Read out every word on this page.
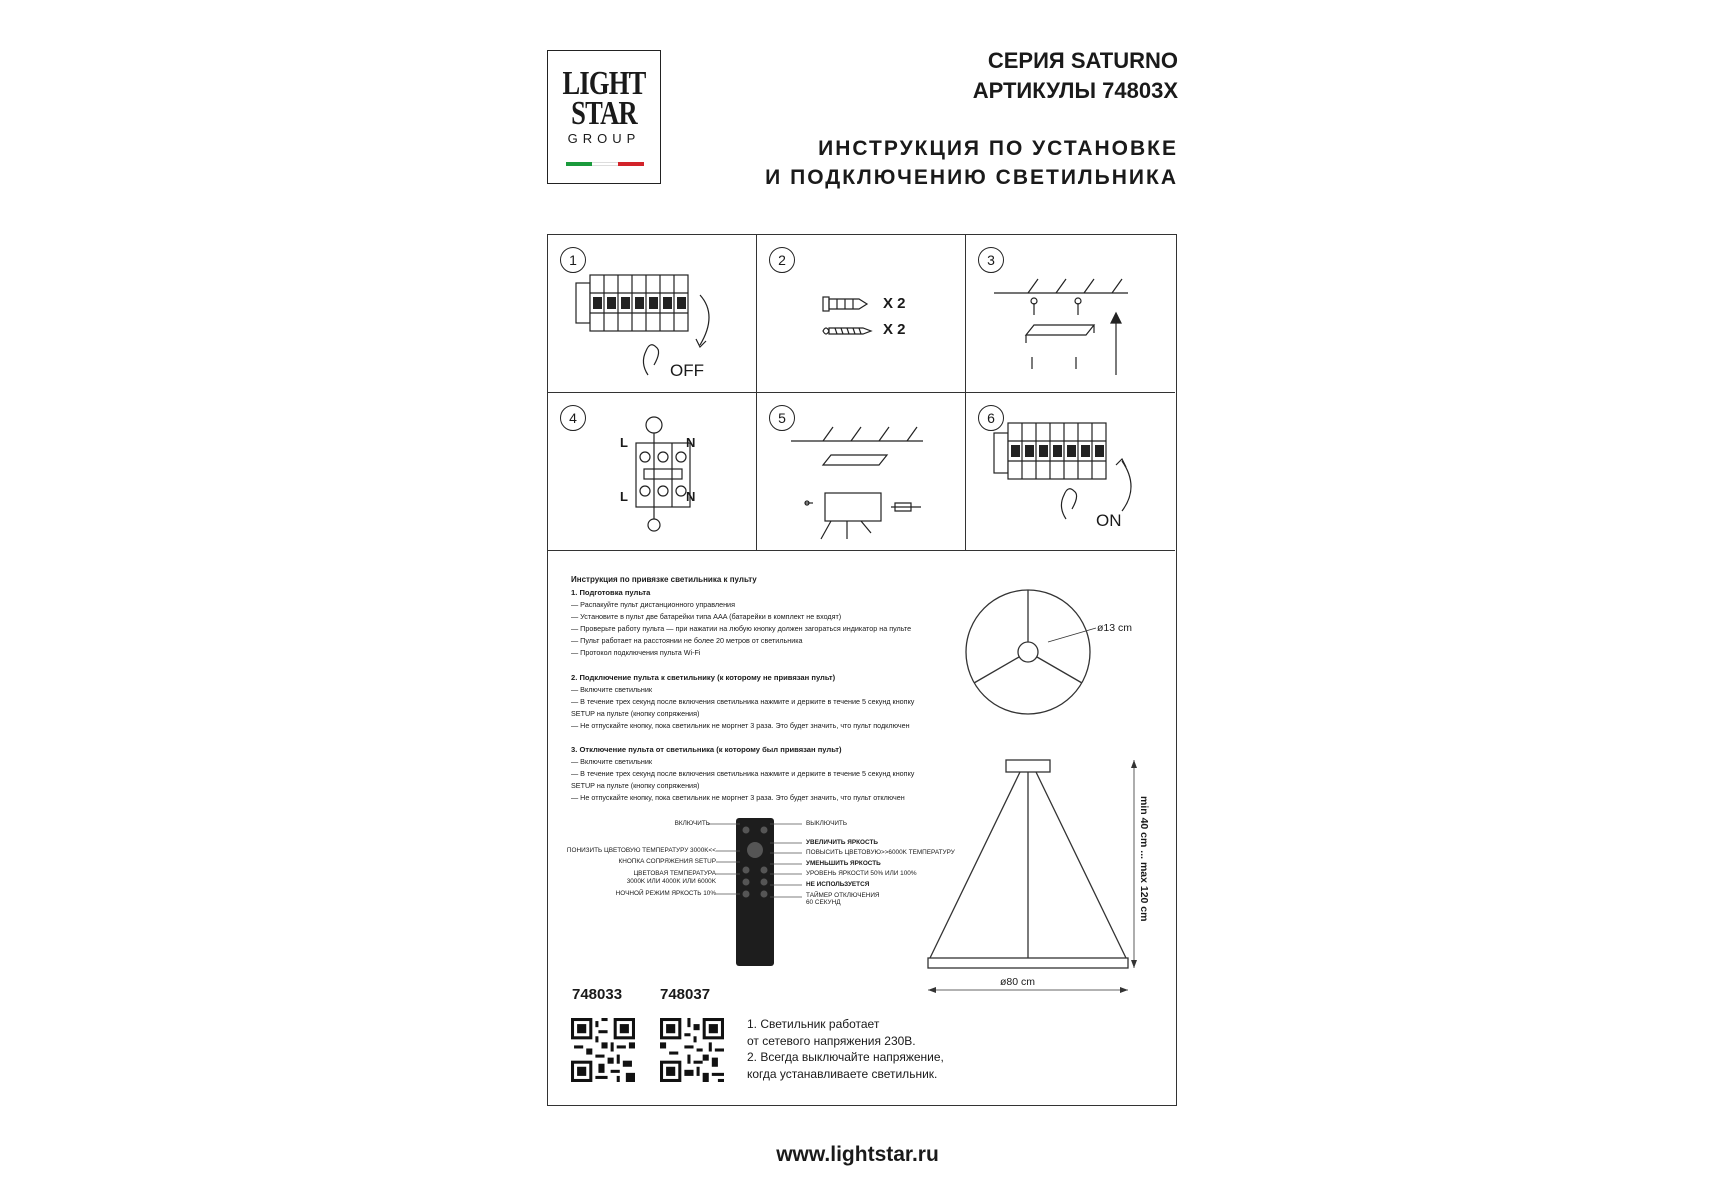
LIGHT
STAR
GROUP
СЕРИЯ SATURNO
АРТИКУЛЫ 74803X
ИНСТРУКЦИЯ ПО УСТАНОВКЕ
И ПОДКЛЮЧЕНИЮ СВЕТИЛЬНИКА
1
OFF
2
X 2
X 2
3
4
L	N
L	N
5	6
ON
Инструкция по привязке светильника к пульту
1. Подготовка пульта
— Распакуйте пульт дистанционного управления
— Установите в пульт две батарейки типа AAA (батарейки в комплект не входят)
— Проверьте работу пульта — при нажатии на любую кнопку должен загораться индикатор на пульте
— Пульт работает на расстоянии не более 20 метров от светильника
— Протокол подключения пульта Wi-Fi
2. Подключение пульта к светильнику (к которому не привязан пульт)
— Включите светильник
— В течение трех секунд после включения светильника нажмите и держите в течение 5 секунд кнопку
SETUP на пульте (кнопку сопряжения)
— Не отпускайте кнопку, пока светильник не моргнет 3 раза. Это будет значить, что пульт подключен
3. Отключение пульта от светильника (к которому был привязан пульт)
— Включите светильник
— В течение трех секунд после включения светильника нажмите и держите в течение 5 секунд кнопку
SETUP на пульте (кнопку сопряжения)
— Не отпускайте кнопку, пока светильник не моргнет 3 раза. Это будет значить, что пульт отключен
ВКЛЮЧИТЬ
ПОНИЗИТЬ ЦВЕТОВУЮ ТЕМПЕРАТУРУ 3000K<<
КНОПКА СОПРЯЖЕНИЯ SETUP
ЦВЕТОВАЯ ТЕМПЕРАТУРА
3000K ИЛИ 4000K ИЛИ 6000K
НОЧНОЙ РЕЖИМ ЯРКОСТЬ 10%
ВЫКЛЮЧИТЬ
УВЕЛИЧИТЬ ЯРКОСТЬ
ПОВЫСИТЬ ЦВЕТОВУЮ>>6000K ТЕМПЕРАТУРУ
УМЕНЬШИТЬ ЯРКОСТЬ
УРОВЕНЬ ЯРКОСТИ 50% ИЛИ 100%
НЕ ИСПОЛЬЗУЕТСЯ
ТАЙМЕР ОТКЛЮЧЕНИЯ
60 СЕКУНД
ø13 cm
ø80 cm
min 40 cm ... max 120 cm
748033	748037
1. Светильник работает
от сетевого напряжения 230В.
2. Всегда выключайте напряжение,
когда устанавливаете светильник.
www.lightstar.ru
